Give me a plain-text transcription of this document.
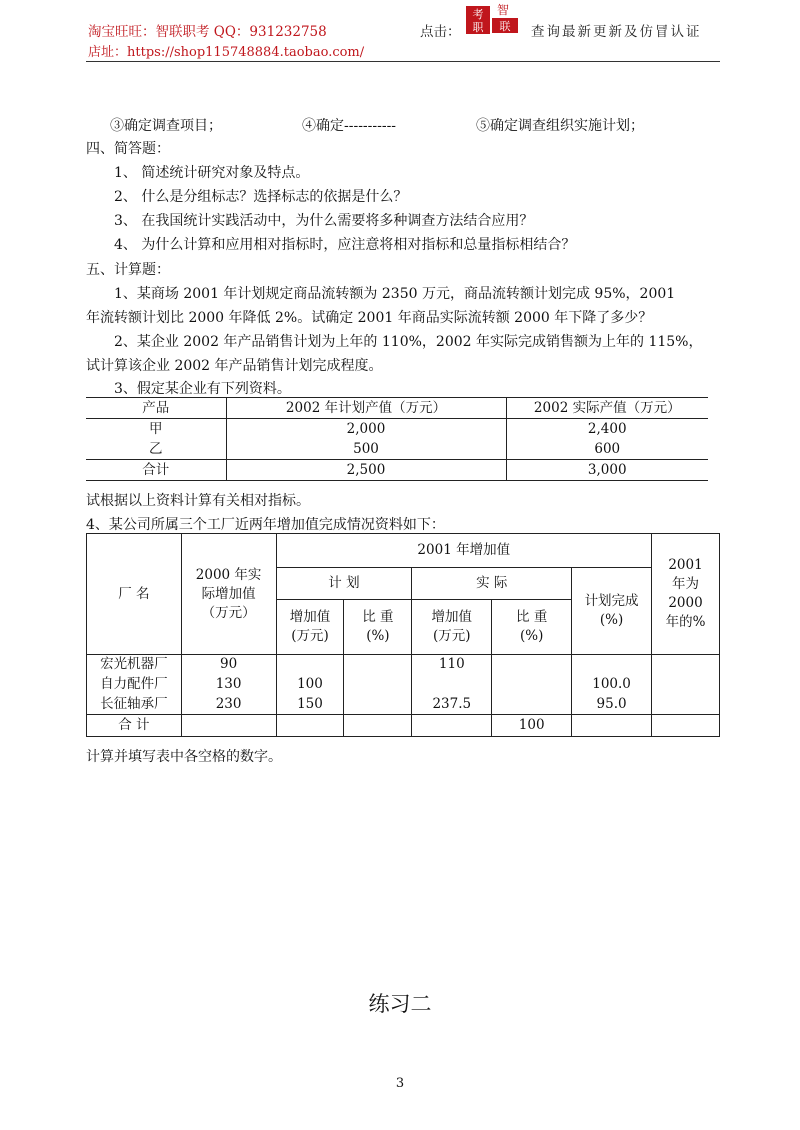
淘宝旺旺：智联职考 QQ：931232758
店址：https://shop115748884.taobao.com/
点击：
考
职
智
联 查询最新更新及仿冒认证
③确定调查项目；	④确定-----------	⑤确定调查组织实施计划；
四、简答题：
1、 简述统计研究对象及特点。
2、 什么是分组标志？选择标志的依据是什么？
3、 在我国统计实践活动中，为什么需要将多种调查方法结合应用？
4、 为什么计算和应用相对指标时，应注意将相对指标和总量指标相结合？
五、计算题：
1、某商场 2001 年计划规定商品流转额为 2350 万元，商品流转额计划完成 95%，2001
年流转额计划比 2000 年降低 2%。试确定 2001 年商品实际流转额 2000 年下降了多少？
2、某企业 2002 年产品销售计划为上年的 110%，2002 年实际完成销售额为上年的 115%，
试计算该企业 2002 年产品销售计划完成程度。
3、假定某企业有下列资料。
产品	2002 年计划产值（万元）	2002 实际产值（万元）
甲	2,000	2,400
乙	500	600
合计	2,500	3,000
试根据以上资料计算有关相对指标。
4、某公司所属三个工厂近两年增加值完成情况资料如下：
厂 名	2000 年实际增加值（万元）	2001 年增加值					2001年为2000年的%

		计 划		实 际		计划完成(%)	

		增加值(万元)	比 重(%)	增加值(万元)	比 重(%)		

宏光机器厂	90			110			
自力配件厂	130	100				100.0	
长征轴承厂	230	150		237.5		95.0	
合 计					100		
计算并填写表中各空格的数字。
练习二
3
